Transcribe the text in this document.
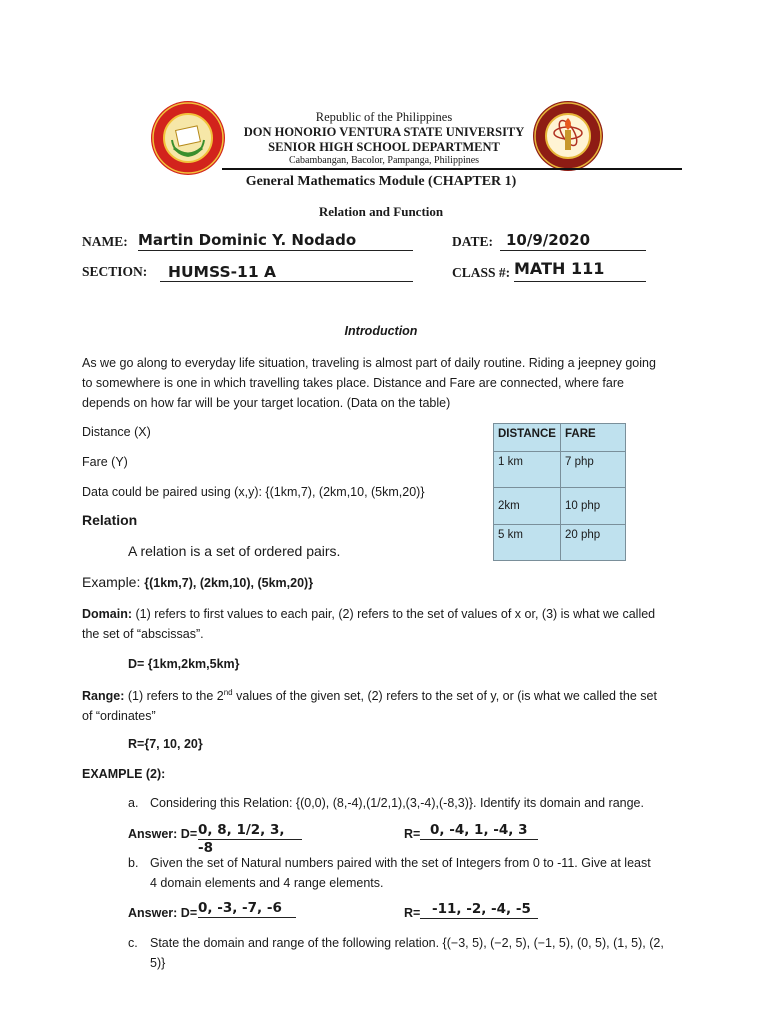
Republic of the Philippines
DON HONORIO VENTURA STATE UNIVERSITY
SENIOR HIGH SCHOOL DEPARTMENT
Cabambangan, Bacolor, Pampanga, Philippines
General Mathematics Module (CHAPTER 1)
Relation and Function
NAME: Martin Dominic Y. Nodado	DATE: 10/9/2020
SECTION:	HUMSS-11 A	CLASS #: MATH 111
Introduction
As we go along to everyday life situation, traveling is almost part of daily routine. Riding a jeepney going
to somewhere is one in which travelling takes place. Distance and Fare are connected, where fare
depends on how far will be your target location. (Data on the table)
Distance (X)
Fare (Y)
Data could be paired using (x,y): {(1km,7), (2km,10, (5km,20)}
DISTANCE	FARE
1 km	7 php
2km	10 php
5 km	20 php
Relation
A relation is a set of ordered pairs.
Example: {(1km,7), (2km,10), (5km,20)}
Domain: (1) refers to first values to each pair, (2) refers to the set of values of x or, (3) is what we called
the set of “abscissas”.
D= {1km,2km,5km}
Range: (1) refers to the 2nd values of the given set, (2) refers to the set of y, or (is what we called the set
of “ordinates”
R={7, 10, 20}
EXAMPLE (2):
a. Considering this Relation: {(0,0), (8,-4),(1/2,1),(3,-4),(-8,3)}. Identify its domain and range.
Answer: D= 0, 8, 1/2, 3, -8
R= 0, -4, 1, -4, 3
b. Given the set of Natural numbers paired with the set of Integers from 0 to -11. Give at least
4 domain elements and 4 range elements.
Answer: D= 0, -3, -7, -6	R= -11, -2, -4, -5
c. State the domain and range of the following relation. {(−3, 5), (−2, 5), (−1, 5), (0, 5), (1, 5), (2,
5)}
